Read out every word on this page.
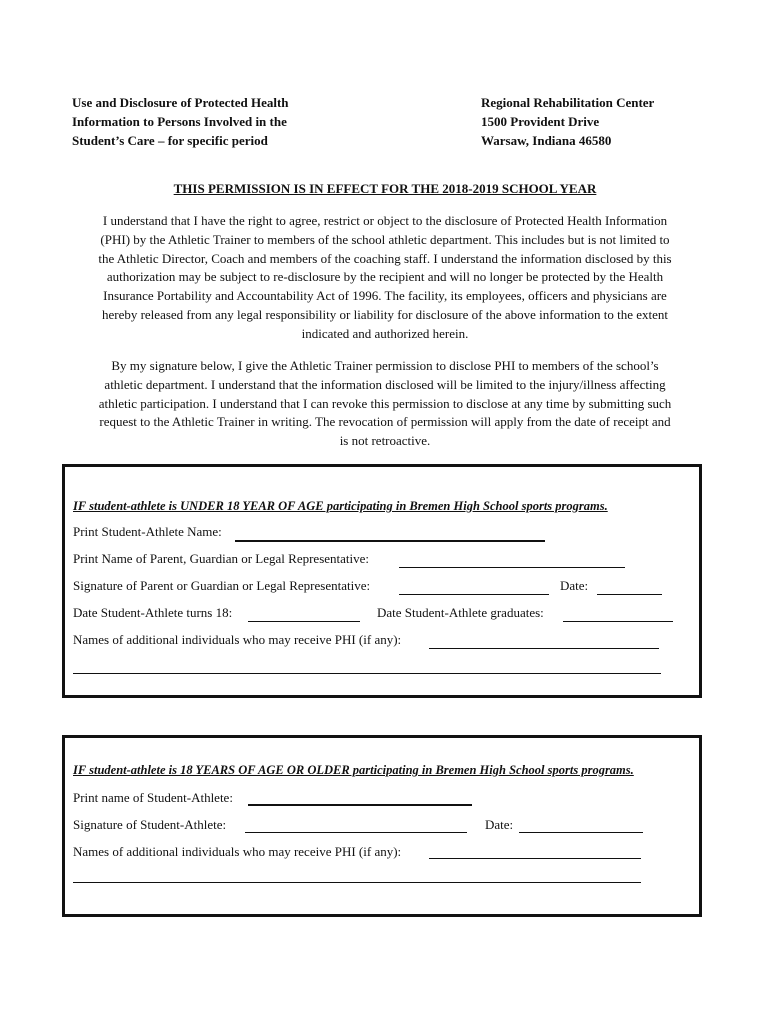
Use and Disclosure of Protected Health
Information to Persons Involved in the
Student’s Care – for specific period
Regional Rehabilitation Center
1500 Provident Drive
Warsaw, Indiana 46580
THIS PERMISSION IS IN EFFECT FOR THE 2018-2019 SCHOOL YEAR
I understand that I have the right to agree, restrict or object to the disclosure of Protected Health Information
(PHI) by the Athletic Trainer to members of the school athletic department. This includes but is not limited to
the Athletic Director, Coach and members of the coaching staff. I understand the information disclosed by this
authorization may be subject to re-disclosure by the recipient and will no longer be protected by the Health
Insurance Portability and Accountability Act of 1996. The facility, its employees, officers and physicians are
hereby released from any legal responsibility or liability for disclosure of the above information to the extent
indicated and authorized herein.
By my signature below, I give the Athletic Trainer permission to disclose PHI to members of the school’s
athletic department. I understand that the information disclosed will be limited to the injury/illness affecting
athletic participation. I understand that I can revoke this permission to disclose at any time by submitting such
request to the Athletic Trainer in writing. The revocation of permission will apply from the date of receipt and
is not retroactive.
IF student-athlete is UNDER 18 YEAR OF AGE participating in Bremen High School sports programs.
Print Student-Athlete Name:
Print Name of Parent, Guardian or Legal Representative:
Signature of Parent or Guardian or Legal Representative:	Date:
Date Student-Athlete turns 18:	Date Student-Athlete graduates:
Names of additional individuals who may receive PHI (if any):
IF student-athlete is 18 YEARS OF AGE OR OLDER participating in Bremen High School sports programs.
Print name of Student-Athlete:
Signature of Student-Athlete:	Date:
Names of additional individuals who may receive PHI (if any):
